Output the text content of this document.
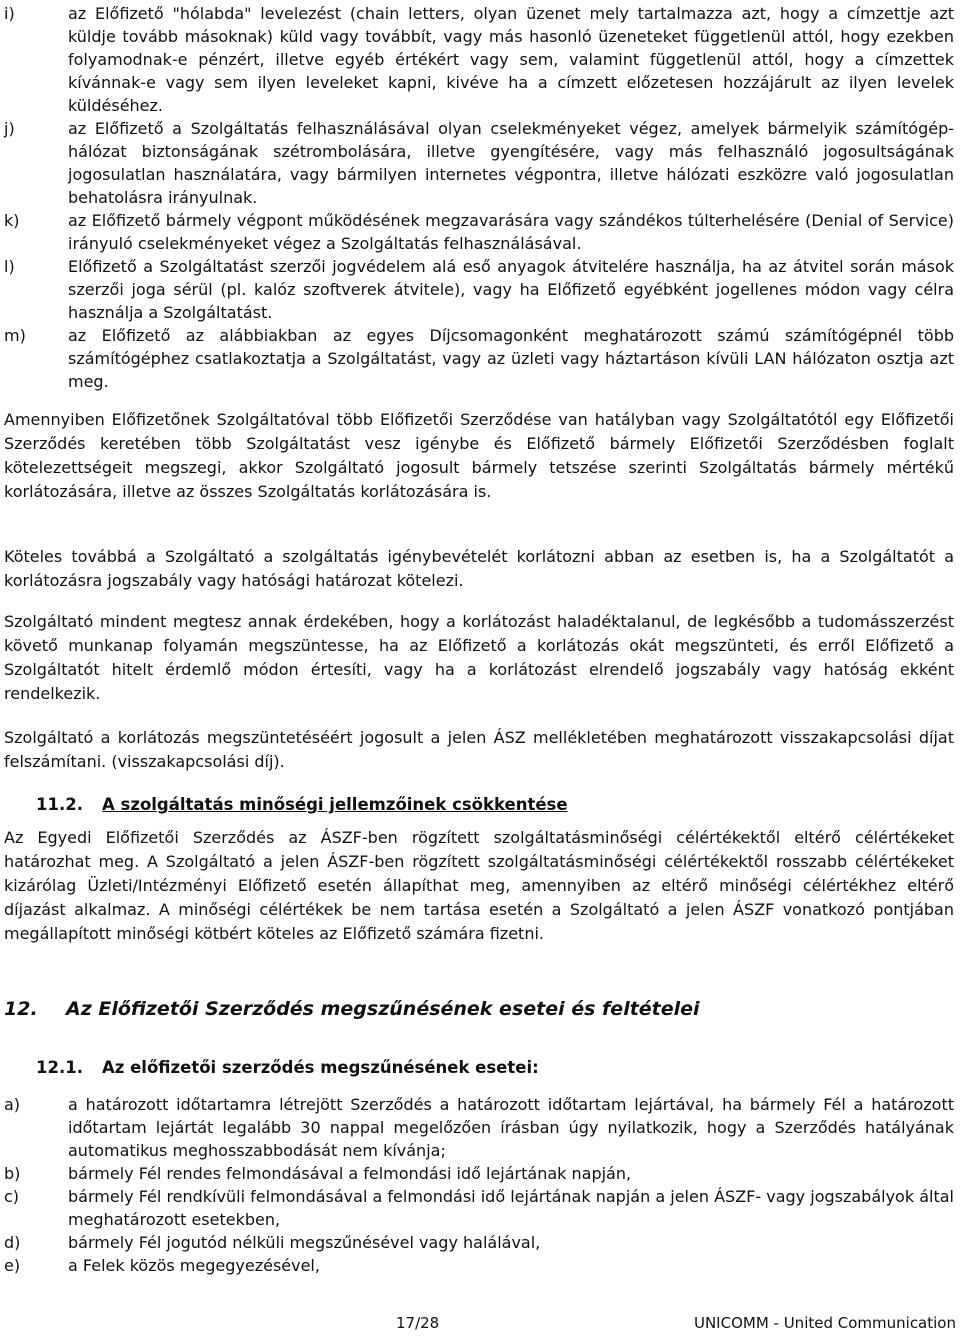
i)	az Előfizető "hólabda" levelezést (chain letters, olyan üzenet mely tartalmazza azt, hogy a címzettje azt küldje tovább másoknak) küld vagy továbbít, vagy más hasonló üzeneteket függetlenül attól, hogy ezekben folyamodnak-e pénzért, illetve egyéb értékért vagy sem, valamint függetlenül attól, hogy a címzettek kívánnak-e vagy sem ilyen leveleket kapni, kivéve ha a címzett előzetesen hozzájárult az ilyen levelek küldéséhez.
j)	az Előfizető a Szolgáltatás felhasználásával olyan cselekményeket végez, amelyek bármelyik számítógép-hálózat biztonságának szétrombolására, illetve gyengítésére, vagy más felhasználó jogosultságának jogosulatlan használatára, vagy bármilyen internetes végpontra, illetve hálózati eszközre való jogosulatlan behatolásra irányulnak.
k)	az Előfizető bármely végpont működésének megzavarására vagy szándékos túlterhelésére (Denial of Service) irányuló cselekményeket végez a Szolgáltatás felhasználásával.
l)	Előfizető a Szolgáltatást szerzői jogvédelem alá eső anyagok átvitelére használja, ha az átvitel során mások szerzői joga sérül (pl. kalóz szoftverek átvitele), vagy ha Előfizető egyébként jogellenes módon vagy célra használja a Szolgáltatást.
m)	az Előfizető az alábbiakban az egyes Díjcsomagonként meghatározott számú számítógépnél több számítógéphez csatlakoztatja a Szolgáltatást, vagy az üzleti vagy háztartáson kívüli LAN hálózaton osztja azt meg.

Amennyiben Előfizetőnek Szolgáltatóval több Előfizetői Szerződése van hatályban vagy Szolgáltatótól egy Előfizetői Szerződés keretében több Szolgáltatást vesz igénybe és Előfizető bármely Előfizetői Szerződésben foglalt kötelezettségeit megszegi, akkor Szolgáltató jogosult bármely tetszése szerinti Szolgáltatás bármely mértékű korlátozására, illetve az összes Szolgáltatás korlátozására is.

Köteles továbbá a Szolgáltató a szolgáltatás igénybevételét korlátozni abban az esetben is, ha a Szolgáltatót a korlátozásra jogszabály vagy hatósági határozat kötelezi.

Szolgáltató mindent megtesz annak érdekében, hogy a korlátozást haladéktalanul, de legkésőbb a tudomásszerzést követő munkanap folyamán megszüntesse, ha az Előfizető a korlátozás okát megszünteti, és erről Előfizető a Szolgáltatót hitelt érdemlő módon értesíti, vagy ha a korlátozást elrendelő jogszabály vagy hatóság ekként rendelkezik.

Szolgáltató a korlátozás megszüntetéséért jogosult a jelen ÁSZ mellékletében meghatározott visszakapcsolási díjat felszámítani. (visszakapcsolási díj).

11.2. A szolgáltatás minőségi jellemzőinek csökkentése

Az Egyedi Előfizetői Szerződés az ÁSZF-ben rögzített szolgáltatásminőségi célértékektől eltérő célértékeket határozhat meg. A Szolgáltató a jelen ÁSZF-ben rögzített szolgáltatásminőségi célértékektől rosszabb célértékeket kizárólag Üzleti/Intézményi Előfizető esetén állapíthat meg, amennyiben az eltérő minőségi célértékhez eltérő díjazást alkalmaz. A minőségi célértékek be nem tartása esetén a Szolgáltató a jelen ÁSZF vonatkozó pontjában megállapított minőségi kötbért köteles az Előfizető számára fizetni.

12. Az Előfizetői Szerződés megszűnésének esetei és feltételei
12.1. Az előfizetői szerződés megszűnésének esetei:
a)	a határozott időtartamra létrejött Szerződés a határozott időtartam lejártával, ha bármely Fél a határozott időtartam lejártát legalább 30 nappal megelőzően írásban úgy nyilatkozik, hogy a Szerződés hatályának automatikus meghosszabbodását nem kívánja;
b)	bármely Fél rendes felmondásával a felmondási idő lejártának napján,
c)	bármely Fél rendkívüli felmondásával a felmondási idő lejártának napján a jelen ÁSZF- vagy jogszabályok által meghatározott esetekben,
d)	bármely Fél jogutód nélküli megszűnésével vagy halálával,
e)	a Felek közös megegyezésével,
17/28	UNICOMM - United Communication
